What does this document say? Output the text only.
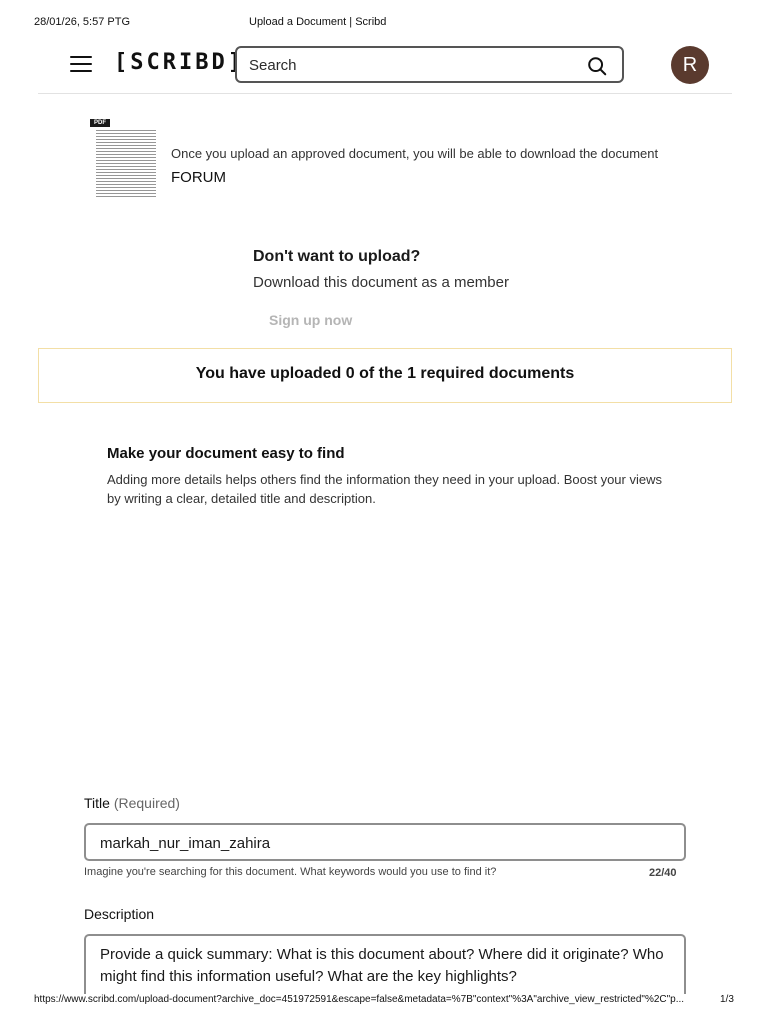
28/01/26, 5:57 PTG	Upload a Document | Scribd
[SCRIBD]
Search	R
PDF
Once you upload an approved document, you will be able to download the document
FORUM
Don't want to upload?
Download this document as a member
Sign up now
You have uploaded 0 of the 1 required documents
Make your document easy to find
Adding more details helps others find the information they need in your upload. Boost your views by writing a clear, detailed title and description.
Title (Required)
markah_nur_iman_zahira
Imagine you're searching for this document. What keywords would you use to find it?	22/40
Description
Provide a quick summary: What is this document about? Where did it originate? Who might find this information useful? What are the key highlights?
https://www.scribd.com/upload-document?archive_doc=451972591&escape=false&metadata=%7B"context"%3A"archive_view_restricted"%2C"p...	1/3
